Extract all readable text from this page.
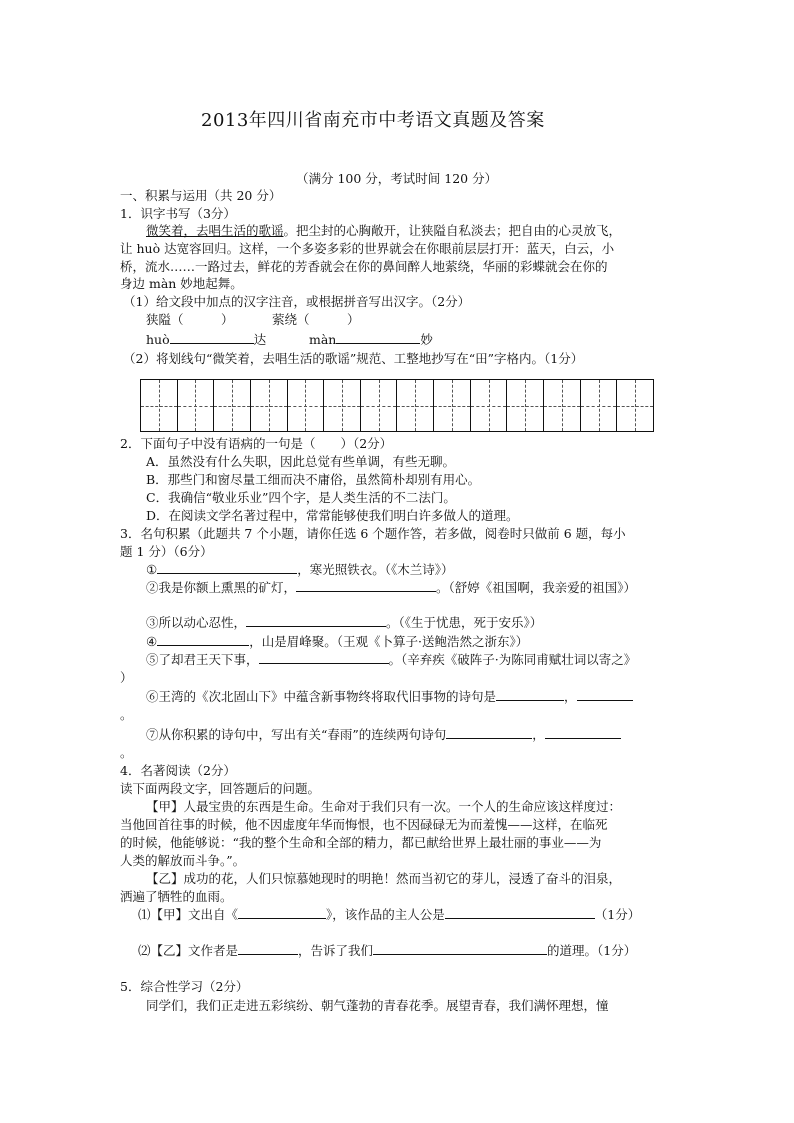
2013年四川省南充市中考语文真题及答案
（满分 100 分，考试时间 120 分）
一、积累与运用（共 20 分）
1．识字书写（3分）
微笑着，去唱生活的歌谣。把尘封的心胸敞开，让狭隘自私淡去；把自由的心灵放飞，
让 huò 达宽容回归。这样，一个多姿多彩的世界就会在你眼前层层打开：蓝天，白云，小
桥，流水……一路过去，鲜花的芳香就会在你的鼻间醉人地萦绕，华丽的彩蝶就会在你的
身边 màn 妙地起舞。
（1）给文段中加点的汉字注音，或根据拼音写出汉字。（2分）
狭隘（　　　）	萦绕（　　　）
huò	达	màn	妙
（2）将划线句“微笑着，去唱生活的歌谣”规范、工整地抄写在“田”字格内。（1分）
2．下面句子中没有语病的一句是（　　）（2分）
A．虽然没有什么失职，因此总觉有些单调，有些无聊。
B．那些门和窗尽量工细而决不庸俗，虽然简朴却别有用心。
C．我确信“敬业乐业”四个字，是人类生活的不二法门。
D．在阅读文学名著过程中，常常能够使我们明白许多做人的道理。
3．名句积累（此题共 7 个小题，请你任选 6 个题作答，若多做，阅卷时只做前 6 题，每小
题 1 分）（6分）
①	，寒光照铁衣。（《木兰诗》）
②我是你额上熏黑的矿灯，	。（舒婷《祖国啊，我亲爱的祖国》）
③所以动心忍性，	。（《生于忧患，死于安乐》）
④	，山是眉峰聚。（王观《卜算子·送鲍浩然之浙东》）
⑤了却君王天下事，	。（辛弃疾《破阵子·为陈同甫赋壮词以寄之》
）
⑥王湾的《次北固山下》中蕴含新事物终将取代旧事物的诗句是	，
。
⑦从你积累的诗句中，写出有关“春雨”的连续两句诗句	，
。
4．名著阅读（2分）
读下面两段文字，回答题后的问题。
【甲】人最宝贵的东西是生命。生命对于我们只有一次。一个人的生命应该这样度过：
当他回首往事的时候，他不因虚度年华而悔恨，也不因碌碌无为而羞愧——这样，在临死
的时候，他能够说：“我的整个生命和全部的精力，都已献给世界上最壮丽的事业——为
人类的解放而斗争。”。
【乙】成功的花，人们只惊慕她现时的明艳！然而当初它的芽儿，浸透了奋斗的泪泉，
洒遍了牺牲的血雨。
⑴【甲】文出自《	》，该作品的主人公是	（1分）
⑵【乙】文作者是	，告诉了我们	的道理。（1分）
5．综合性学习（2分）
同学们，我们正走进五彩缤纷、朝气蓬勃的青春花季。展望青春，我们满怀理想，憧
